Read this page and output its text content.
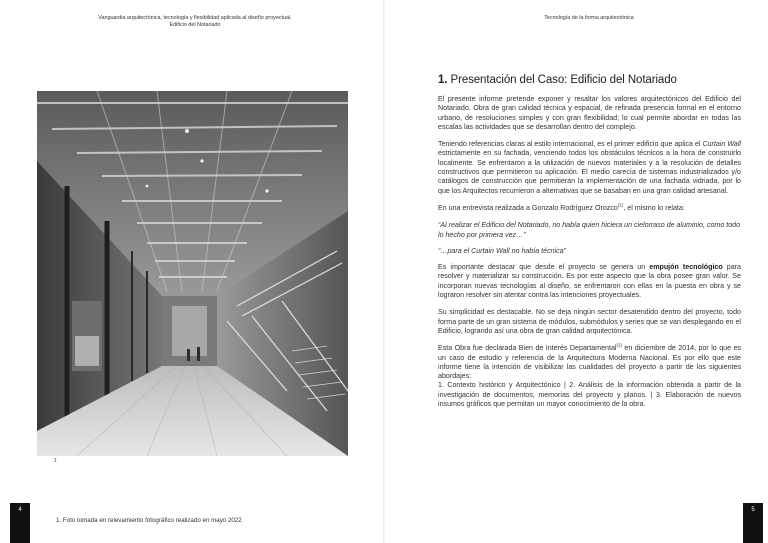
Vanguardia arquitectónica, tecnología y flexibilidad aplicada al diseño proyectual.
Edificio del Notariado
1
4
1. Foto tomada en relevamiento fotográfico realizado en mayo 2022
Tecnología de la forma arquitectónica
1. Presentación del Caso: Edificio del Notariado

El presente informe pretende exponer y resaltar los valores arquitectónicos del Edificio del Notariado. Obra de gran calidad técnica y espacial, de refinada presencia formal en el entorno urbano, de resoluciones simples y con gran flexibilidad; lo cual permite abordar en todas las escalas las actividades que se desarrollan dentro del complejo.

Teniendo referencias claras al estilo internacional, es el primer edificio que aplica el Curtain Wall estrictamente en su fachada, venciendo todos los obstáculos técnicos a la hora de construirlo localmente. Se enfrentaron a la utilización de nuevos materiales y a la resolución de detalles constructivos que permitieron su aplicación. El medio carecía de sistemas industrializados y/o catálogos de construcción que permitieran la implementación de una fachada vidriada, por lo que los Arquitectos recurrieron a alternativas que se basaban en una gran calidad artesanal.

En una entrevista realizada a Gonzalo Rodríguez Orozco$^{(1)}$, el mismo lo relata:

“Al realizar el Edificio del Notariado, no había quien hiciera un cielorraso de aluminio, como todo lo hecho por primera vez…”

“…para el Curtain Wall no había técnica”

Es importante destacar que desde el proyecto se genera un empujón tecnológico para resolver y materializar su construcción. Es por este aspecto que la obra posee gran valor. Se incorporan nuevas tecnologías al diseño, se enfrentaron con ellas en la puesta en obra y se lograron resolver sin atentar contra las intenciones proyectuales.

Su simplicidad es destacable. No se deja ningún sector desatendido dentro del proyecto, todo forma parte de un gran sistema de módulos, submódulos y series que se van desplegando en el Edificio, logrando así una obra de gran calidad arquitectónica.

Esta Obra fue declarada Bien de Interés Departamental$^{(2)}$ en diciembre de 2014, por lo que es un caso de estudio y referencia de la Arquitectura Moderna Nacional. Es por ello que este informe tiene la intención de visibilizar las cualidades del proyecto a partir de los siguientes abordajes:
1. Contexto histórico y Arquitectónico | 2. Análisis de la información obtenida a partir de la investigación de documentos, memorias del proyecto y planos. | 3. Elaboración de nuevos insumos gráficos que permitan un mayor conocimiento de la obra.

5
